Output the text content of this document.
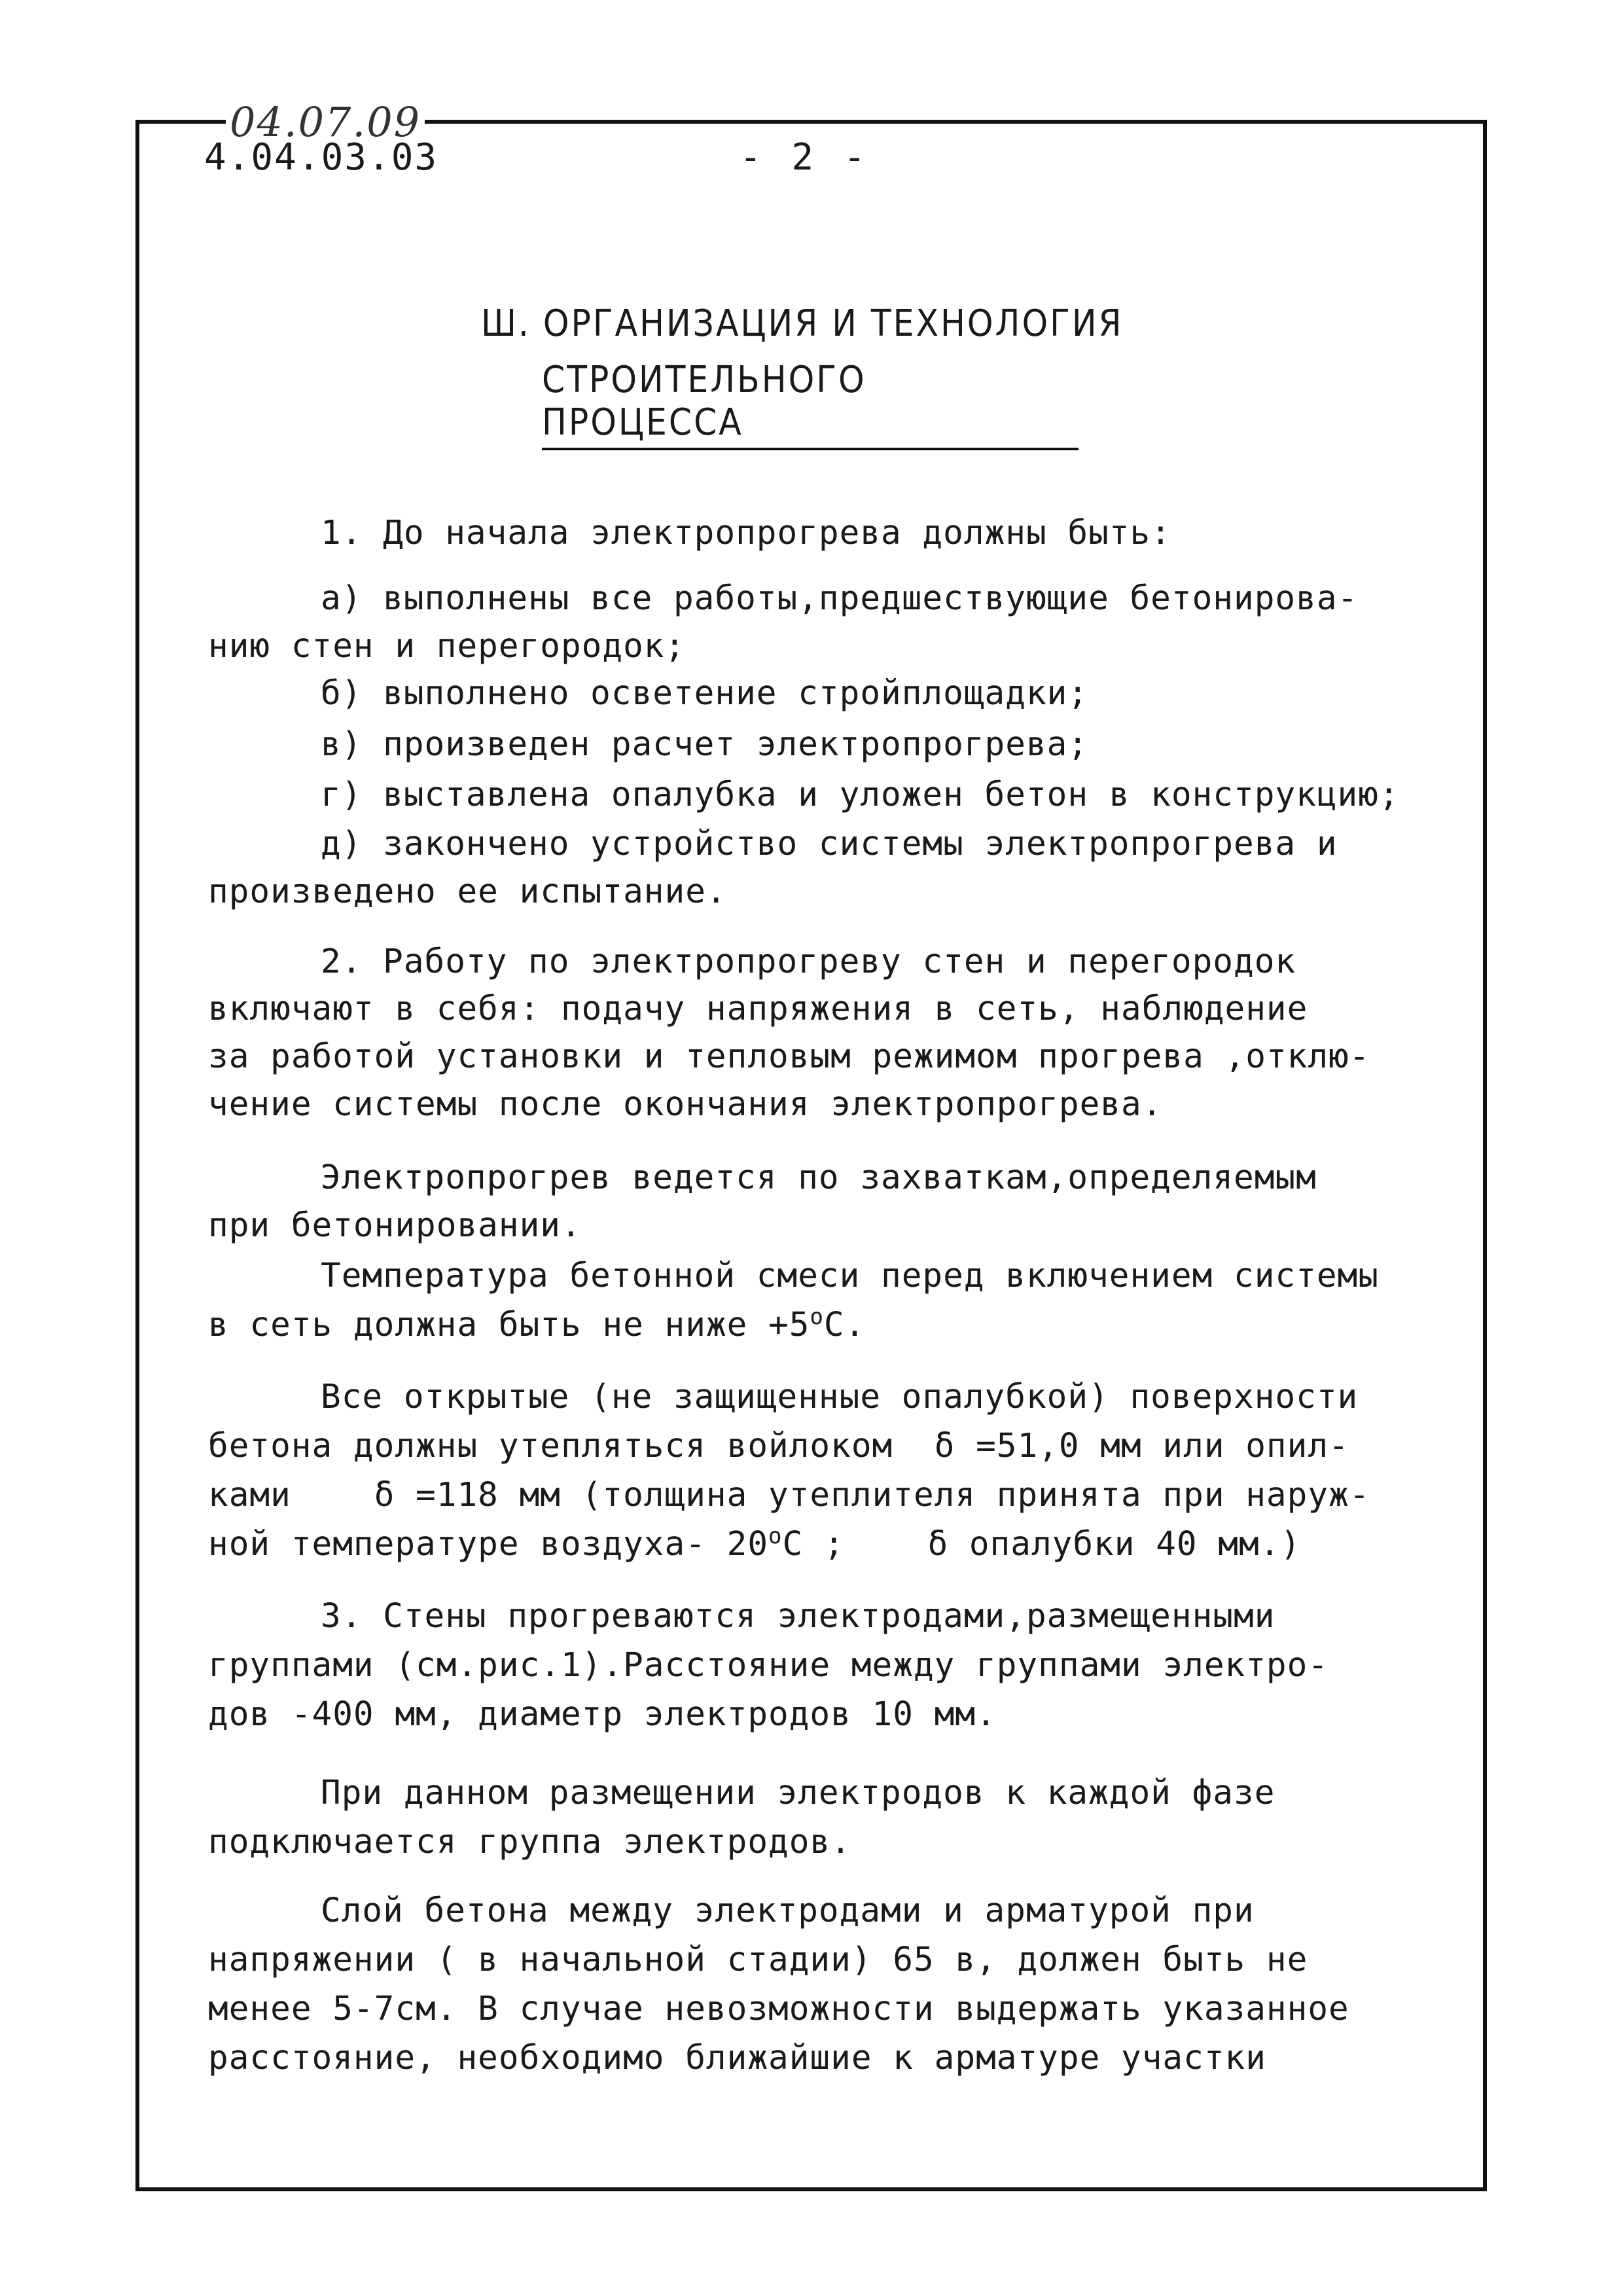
04.07.09
4.04.03.03	- 2 -
Ш. ОРГАНИЗАЦИЯ И ТЕХНОЛОГИЯ
СТРОИТЕЛЬНОГО ПРОЦЕССА
1. До начала электропрогрева должны быть:
а) выполнены все работы,предшествующие бетонирова-
нию стен и перегородок;
б) выполнено осветение стройплощадки;
в) произведен расчет электропрогрева;
г) выставлена опалубка и уложен бетон в конструкцию;
д) закончено устройство системы электропрогрева и
произведено ее испытание.
2. Работу по электропрогреву стен и перегородок
включают в себя: подачу напряжения в сеть, наблюдение
за работой установки и тепловым режимом прогрева ,отклю-
чение системы после окончания электропрогрева.
Электропрогрев ведется по захваткам,определяемым
при бетонировании.
Температура бетонной смеси перед включением системы
в сеть должна быть не ниже $+5^оС$.
Все открытые (не защищенные опалубкой) поверхности
бетона должны утепляться войлоком  δ =51,0 мм или опил-
ками    δ =118 мм (толщина утеплителя принята при наруж-
ной температуре воздуха- $20^оС$ ;    δ опалубки 40 мм.)
3. Стены прогреваются электродами,размещенными
группами (см.рис.1).Расстояние между группами электро-
дов -400 мм, диаметр электродов 10 мм.
При данном размещении электродов к каждой фазе
подключается группа электродов.
Слой бетона между электродами и арматурой при
напряжении ( в начальной стадии) 65 в, должен быть не
менее 5-7см. В случае невозможности выдержать указанное
расстояние, необходимо ближайшие к арматуре участки
